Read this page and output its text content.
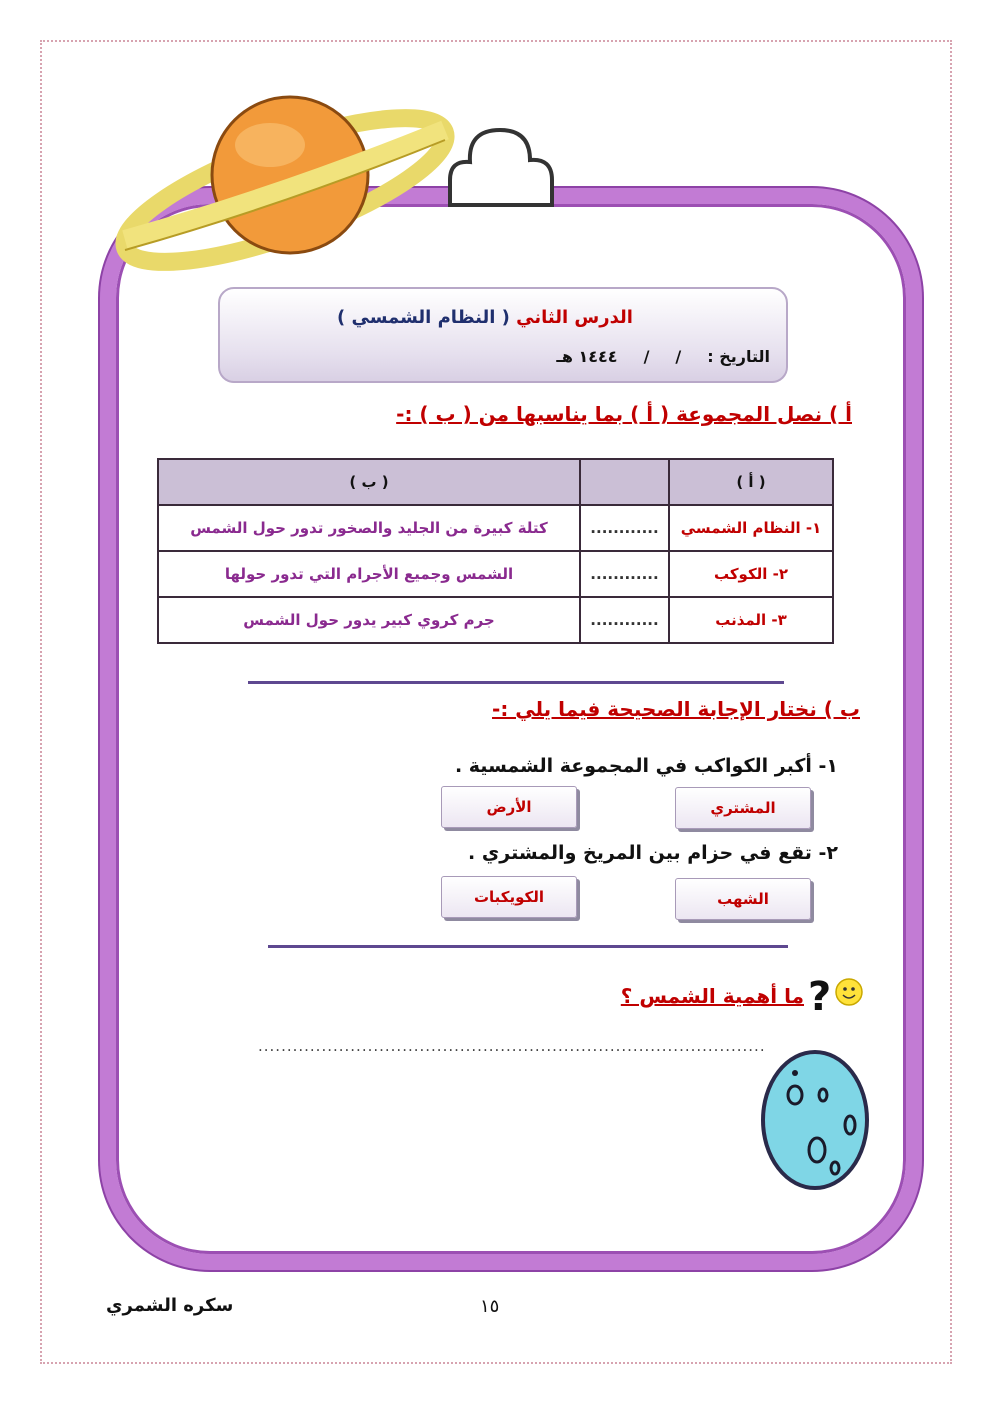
الدرس الثاني ( النظام الشمسي )
التاريخ :
/
/
١٤٤٤ هـ
أ ) نصل المجموعة ( أ ) بما يناسبها من ( ب ) :-
( أ )		( ب )
١- النظام الشمسي	............	كتلة كبيرة من الجليد والصخور تدور حول الشمس
٢- الكوكب	............	الشمس وجميع الأجرام التي تدور حولها
٣- المذنب	............	جرم كروي كبير يدور حول الشمس
ب ) نختار الإجابة الصحيحة فيما يلي :-
١- أكبر الكواكب في المجموعة الشمسية .
المشتري
الأرض
٢- تقع في حزام بين المريخ والمشتري .
الشهب
الكويكبات
?
ما أهمية الشمس ؟
........................................................................................
سكره الشمري	١٥
